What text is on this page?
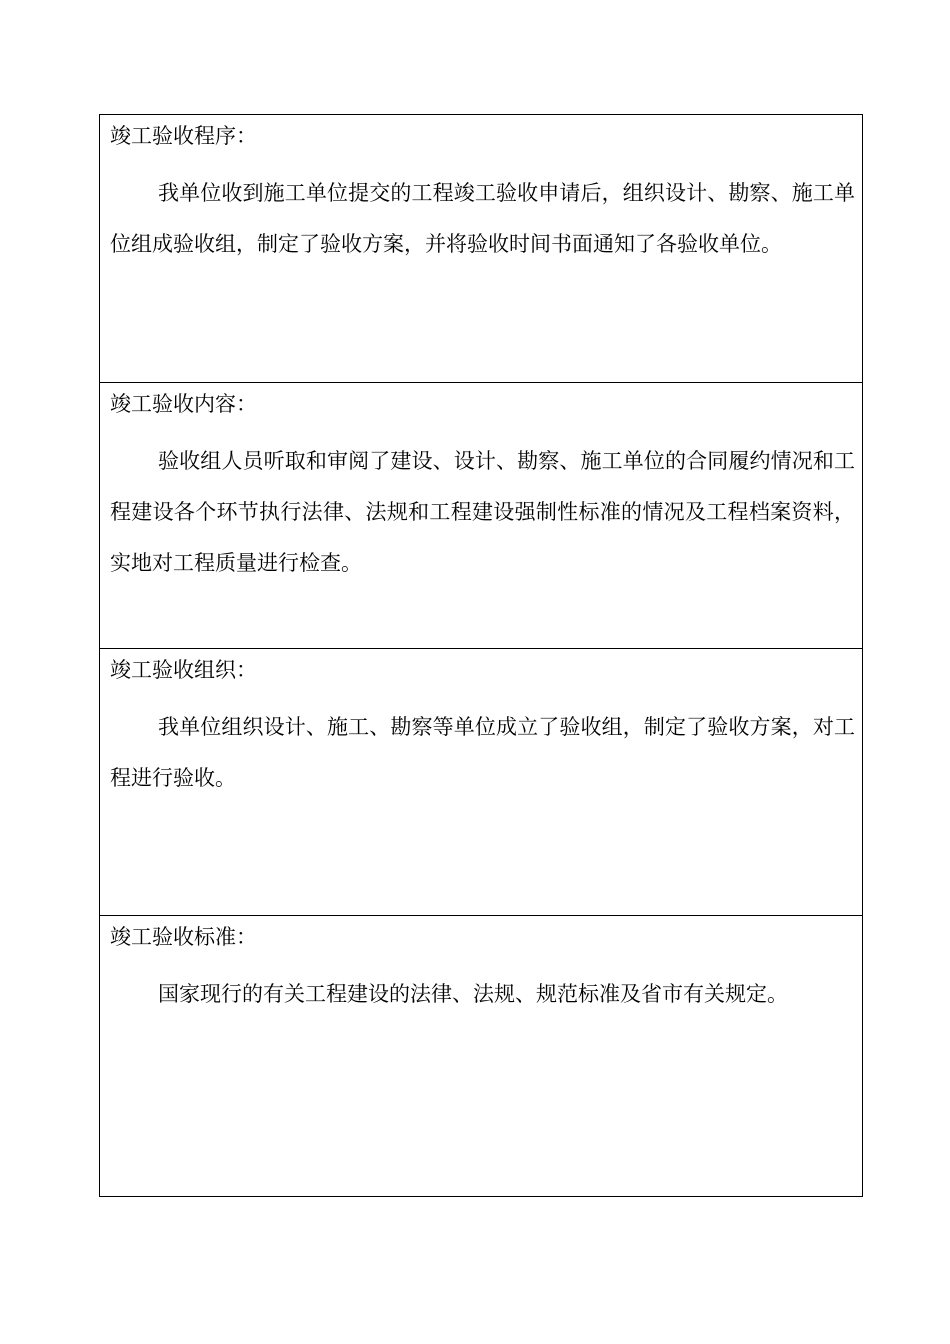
竣工验收程序：
我单位收到施工单位提交的工程竣工验收申请后，组织设计、勘察、施工单位组成验收组，制定了验收方案，并将验收时间书面通知了各验收单位。
竣工验收内容：
验收组人员听取和审阅了建设、设计、勘察、施工单位的合同履约情况和工程建设各个环节执行法律、法规和工程建设强制性标准的情况及工程档案资料，实地对工程质量进行检查。
竣工验收组织：
我单位组织设计、施工、勘察等单位成立了验收组，制定了验收方案，对工程进行验收。
竣工验收标准：
国家现行的有关工程建设的法律、法规、规范标准及省市有关规定。
